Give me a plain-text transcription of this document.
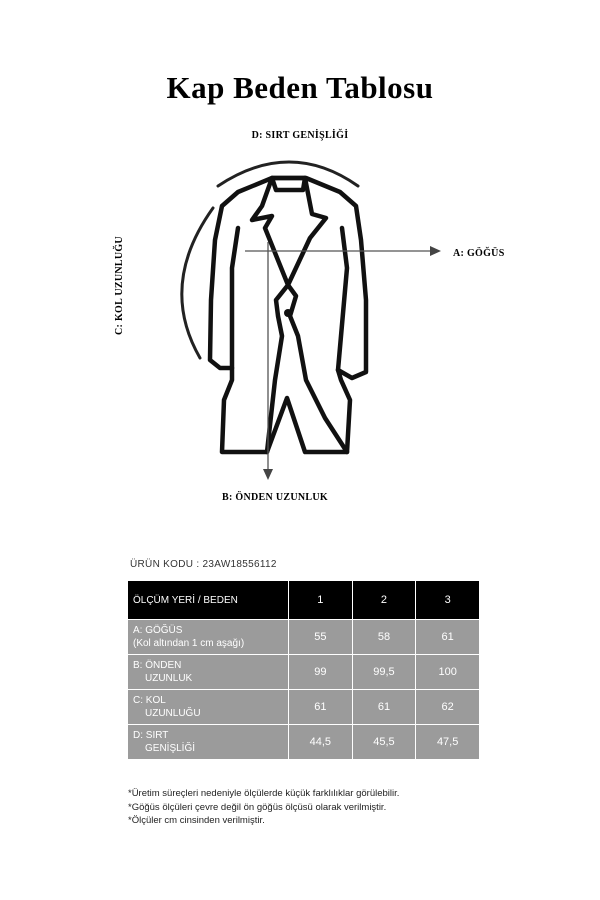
Kap Beden Tablosu
D: SIRT GENİŞLİĞİ
A: GÖĞÜS
B: ÖNDEN UZUNLUK
C: KOL UZUNLUĞU
ÜRÜN KODU : 23AW18556112
ÖLÇÜM YERİ / BEDEN	1	2	3
A: GÖĞÜS
(Kol altından 1 cm aşağı)	55	58	61
B: ÖNDEN
UZUNLUK	99	99,5	100
C: KOL
UZUNLUĞU	61	61	62
D: SIRT
GENİŞLİĞİ	44,5	45,5	47,5
*Üretim süreçleri nedeniyle ölçülerde küçük farklılıklar görülebilir.
*Göğüs ölçüleri çevre değil ön göğüs ölçüsü olarak verilmiştir.
*Ölçüler cm cinsinden verilmiştir.
